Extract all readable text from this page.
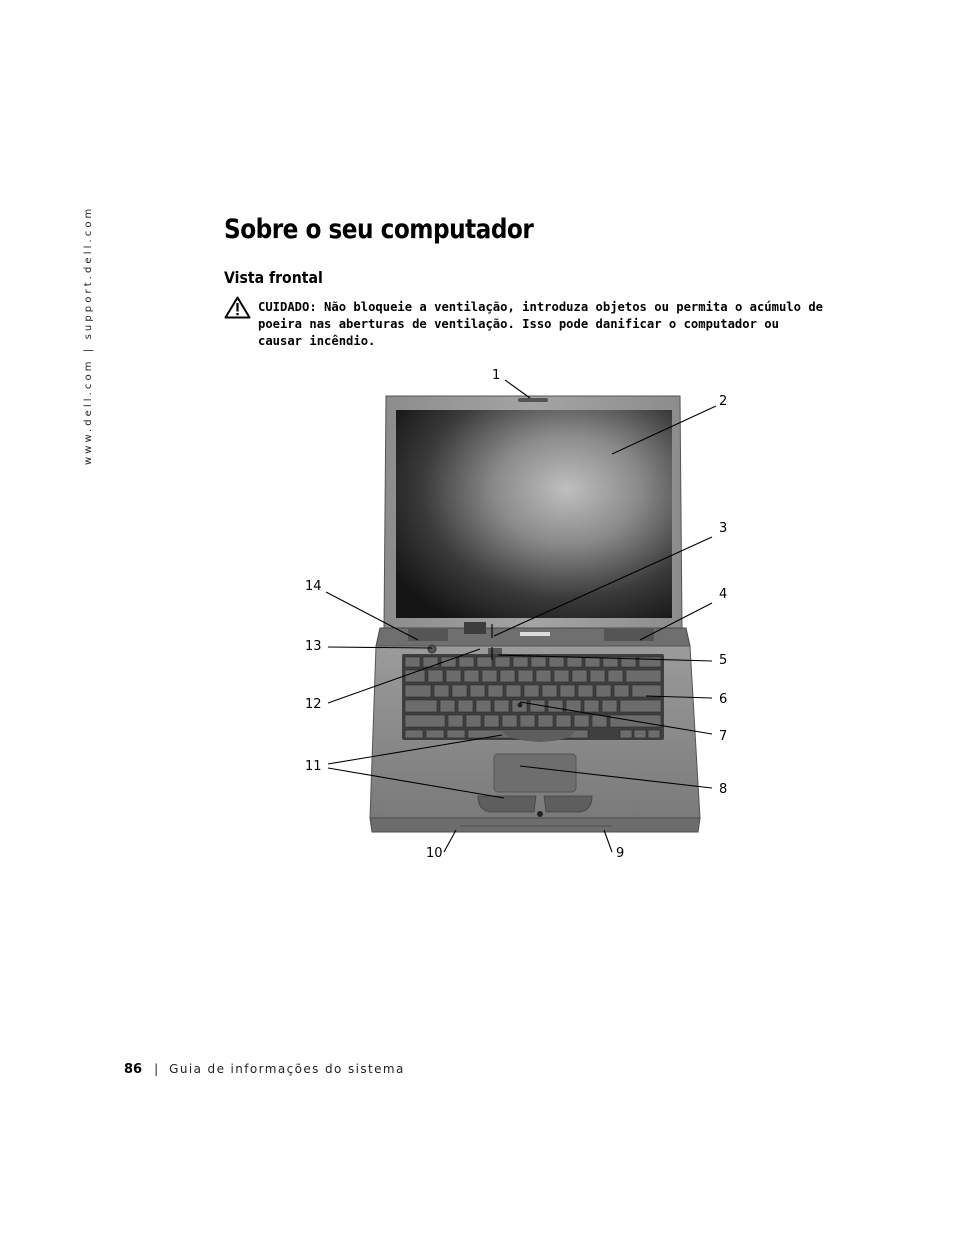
www.dell.com | support.dell.com	Sobre o seu computador
Vista frontal
CUIDADO: Não bloqueie a ventilação, introduza objetos ou permita o acúmulo de poeira nas aberturas de ventilação. Isso pode danificar o computador ou causar incêndio.
1
2
3
4
5
6
7
8
9
10
11
12
13
14
86 | Guia de informações do sistema
